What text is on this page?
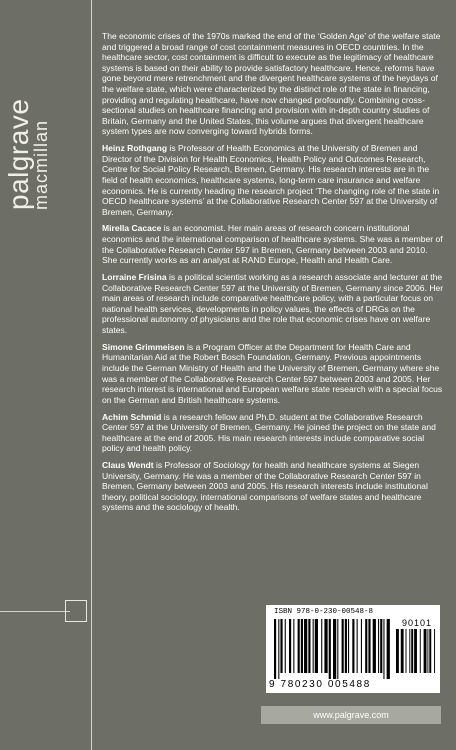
palgrave
macmillan

The economic crises of the 1970s marked the end of the ‘Golden Age’ of the welfare state and triggered a broad range of cost containment measures in OECD countries. In the healthcare sector, cost containment is difficult to execute as the legitimacy of healthcare systems is based on their ability to provide satisfactory healthcare. Hence, reforms have gone beyond mere retrenchment and the divergent healthcare systems of the heydays of the welfare state, which were characterized by the distinct role of the state in financing, providing and regulating healthcare, have now changed profoundly. Combining cross-sectional studies on healthcare financing and provision with in-depth country studies of Britain, Germany and the United States, this volume argues that divergent healthcare system types are now converging toward hybrids forms.

Heinz Rothgang is Professor of Health Economics at the University of Bremen and Director of the Division for Health Economics, Health Policy and Outcomes Research, Centre for Social Policy Research, Bremen, Germany. His research interests are in the field of health economics, healthcare systems, long-term care insurance and welfare economics. He is currently heading the research project ‘The changing role of the state in OECD healthcare systems’ at the Collaborative Research Center 597 at the University of Bremen, Germany.

Mirella Cacace is an economist. Her main areas of research concern institutional economics and the international comparison of healthcare systems. She was a member of the Collaborative Research Center 597 in Bremen, Germany between 2003 and 2010. She currently works as an analyst at RAND Europe, Health and Health Care.

Lorraine Frisina is a political scientist working as a research associate and lecturer at the Collaborative Research Center 597 at the University of Bremen, Germany since 2006. Her main areas of research include comparative healthcare policy, with a particular focus on national health services, developments in policy values, the effects of DRGs on the professional autonomy of physicians and the role that economic crises have on welfare states.

Simone Grimmeisen is a Program Officer at the Department for Health Care and Humanitarian Aid at the Robert Bosch Foundation, Germany. Previous appointments include the German Ministry of Health and the University of Bremen, Germany where she was a member of the Collaborative Research Center 597 between 2003 and 2005. Her research interest is international and European welfare state research with a special focus on the German and British healthcare systems.

Achim Schmid is a research fellow and Ph.D. student at the Collaborative Research Center 597 at the University of Bremen, Germany. He joined the project on the state and healthcare at the end of 2005. His main research interests include comparative social policy and health policy.

Claus Wendt is Professor of Sociology for health and healthcare systems at Siegen University, Germany. He was a member of the Collaborative Research Center 597 in Bremen, Germany between 2003 and 2005. His research interests include institutional theory, political sociology, international comparisons of welfare states and healthcare systems and the sociology of health.

ISBN 978-0-230-00548-8
90101
9 780230 005488
www.palgrave.com
